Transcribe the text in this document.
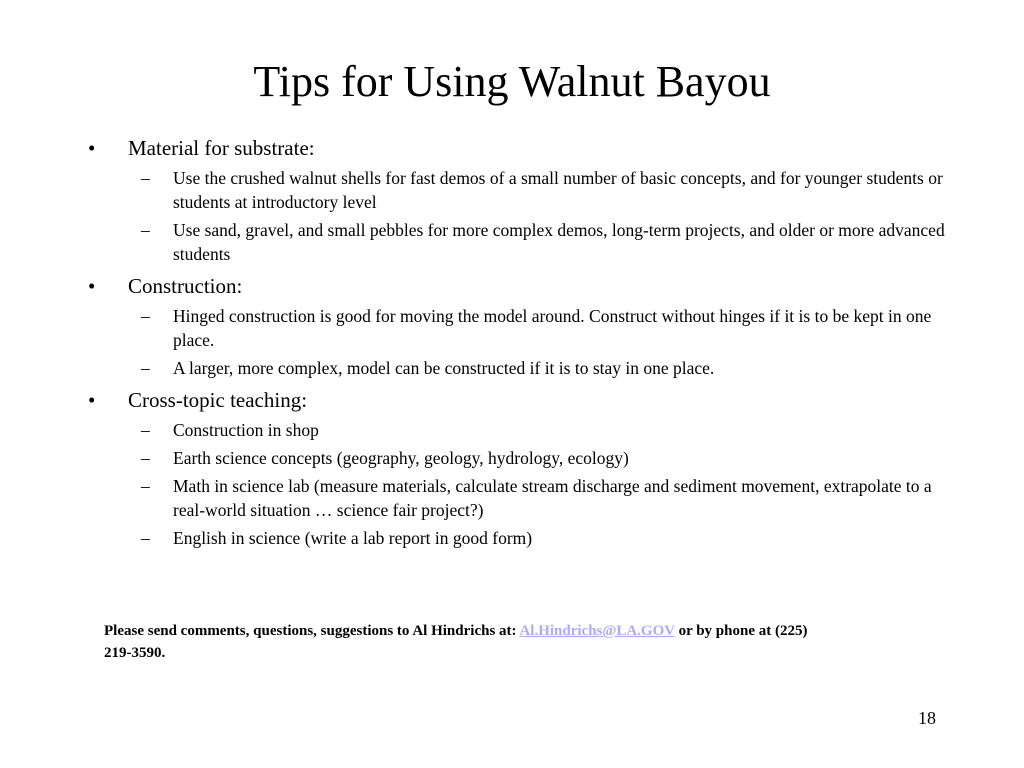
Tips for Using Walnut Bayou
• Material for substrate:
– Use the crushed walnut shells for fast demos of a small number of basic concepts, and for younger students or students at introductory level
– Use sand, gravel, and small pebbles for more complex demos, long-term projects, and older or more advanced students
• Construction:
– Hinged construction is good for moving the model around. Construct without hinges if it is to be kept in one place.
– A larger, more complex, model can be constructed if it is to stay in one place.
• Cross-topic teaching:
– Construction in shop
– Earth science concepts (geography, geology, hydrology, ecology)
– Math in science lab (measure materials, calculate stream discharge and sediment movement, extrapolate to a real-world situation … science fair project?)
– English in science (write a lab report in good form)
Please send comments, questions, suggestions to Al Hindrichs at: Al.Hindrichs@LA.GOV or by phone at (225) 219-3590.
18
